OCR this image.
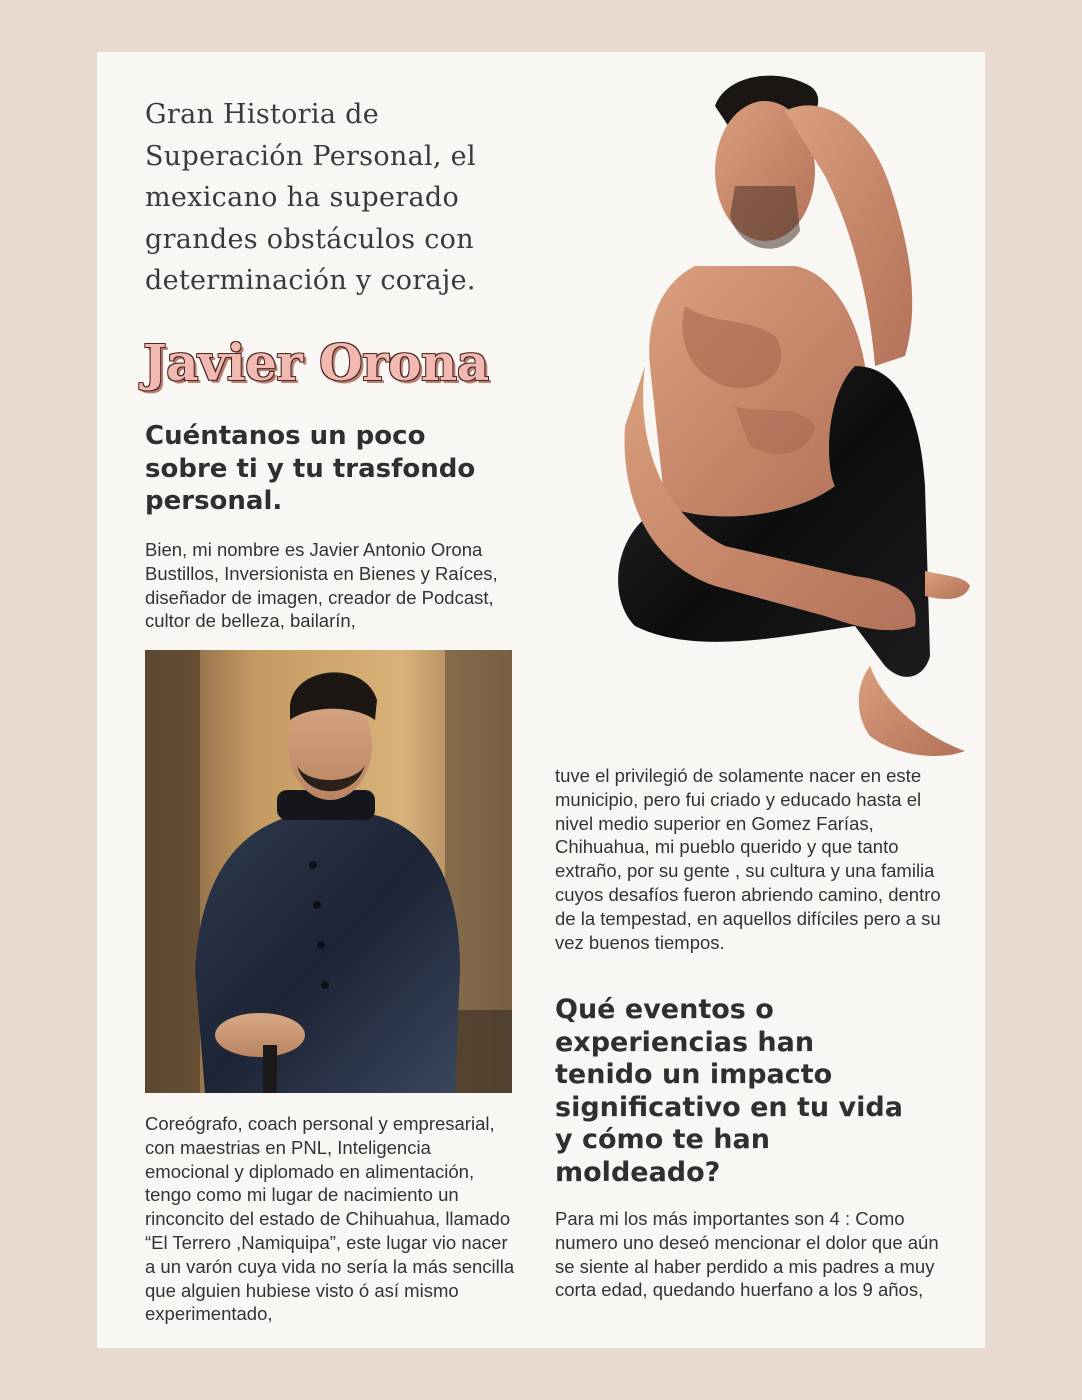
Gran Historia de Superación Personal, el mexicano ha superado grandes obstáculos con determinación y coraje.

Javier Orona
Cuéntanos un poco sobre ti y tu trasfondo personal.

Bien, mi nombre es Javier Antonio Orona Bustillos, Inversionista en Bienes y Raíces, diseñador de imagen, creador de Podcast, cultor de belleza, bailarín,

tuve el privilegió de solamente nacer en este municipio, pero fui criado y educado hasta el nivel medio superior en Gomez Farías, Chihuahua, mi pueblo querido y que tanto extraño, por su gente , su cultura y una familia cuyos desafíos fueron abriendo camino, dentro de la tempestad, en aquellos difíciles pero a su vez buenos tiempos.

Qué eventos o experiencias han tenido un impacto significativo en tu vida y cómo te han moldeado?

Coreógrafo, coach personal y empresarial, con maestrias en PNL, Inteligencia emocional y diplomado en alimentación, tengo como mi lugar de nacimiento un rinconcito del estado de Chihuahua, llamado “El Terrero ,Namiquipa”, este lugar vio nacer a un varón cuya vida no sería la más sencilla que alguien hubiese visto ó así mismo experimentado,

Para mi los más importantes son 4 : Como numero uno deseó mencionar el dolor que aún se siente al haber perdido a mis padres a muy corta edad, quedando huerfano a los 9 años,
